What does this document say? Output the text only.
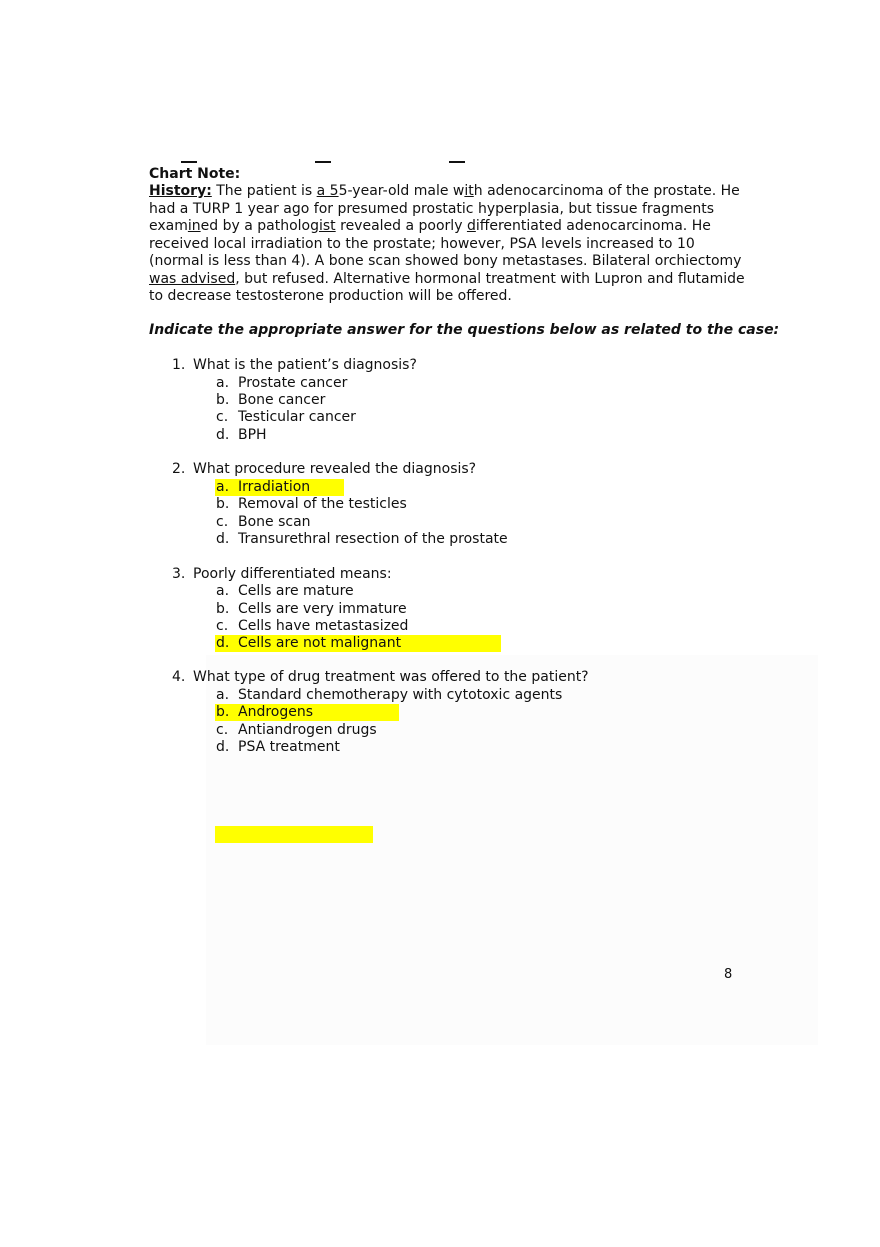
Chart Note:
History: The patient is a 55-year-old male with adenocarcinoma of the prostate. He had a TURP 1 year ago for presumed prostatic hyperplasia, but tissue fragments examined by a pathologist revealed a poorly differentiated adenocarcinoma. He received local irradiation to the prostate; however, PSA levels increased to 10 (normal is less than 4). A bone scan showed bony metastases. Bilateral orchiectomy was advised, but refused. Alternative hormonal treatment with Lupron and flutamide to decrease testosterone production will be offered.
Indicate the appropriate answer for the questions below as related to the case:
1. What is the patient’s diagnosis?
a. Prostate cancer
b. Bone cancer
c. Testicular cancer
d. BPH
2. What procedure revealed the diagnosis?
a. Irradiation
b. Removal of the testicles
c. Bone scan
d. Transurethral resection of the prostate
3. Poorly differentiated means:
a. Cells are mature
b. Cells are very immature
c. Cells have metastasized
d. Cells are not malignant
4. What type of drug treatment was offered to the patient?
a. Standard chemotherapy with cytotoxic agents
b. Androgens
c. Antiandrogen drugs
d. PSA treatment
8
